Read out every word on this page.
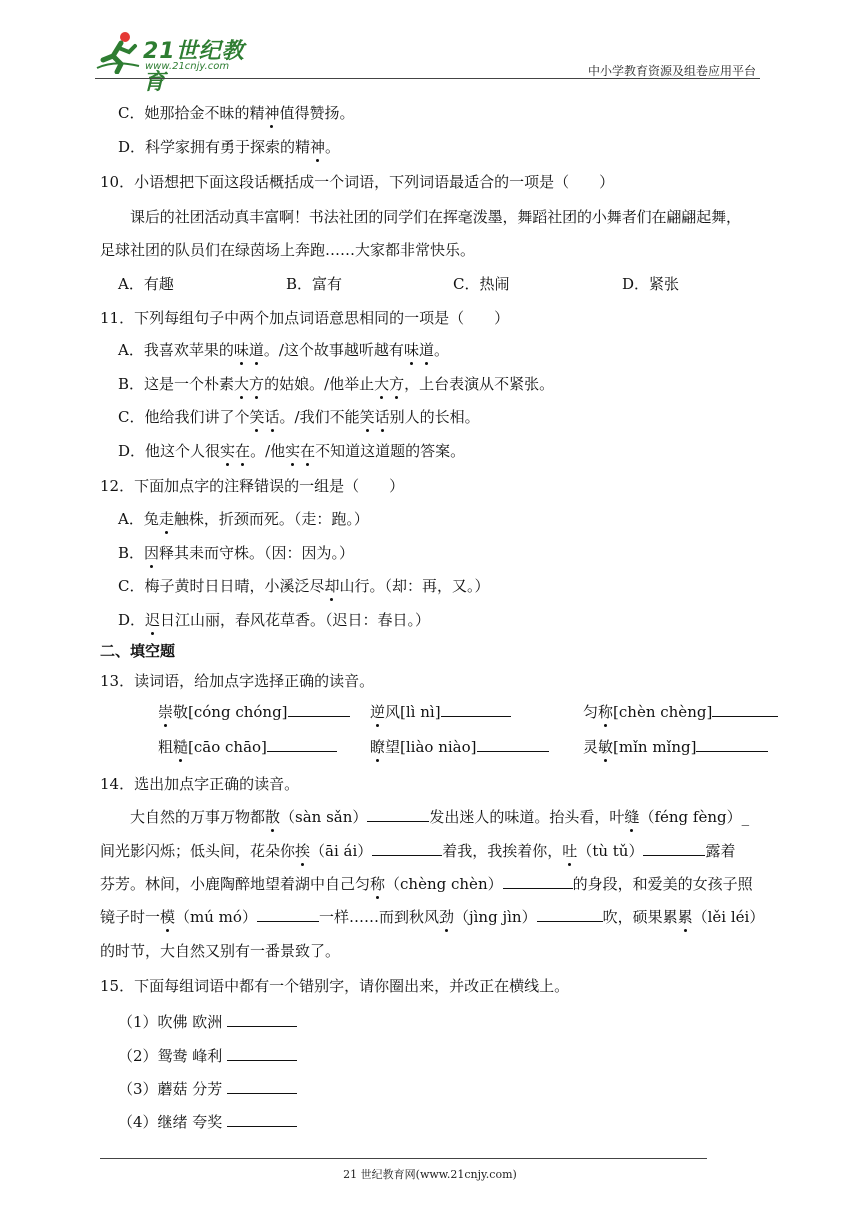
21世纪教育
www.21cnjy.com	中小学教育资源及组卷应用平台
C．她那拾金不昧的精神值得赞扬。
D．科学家拥有勇于探索的精神。
10．小语想把下面这段话概括成一个词语，下列词语最适合的一项是（　　）
课后的社团活动真丰富啊！书法社团的同学们在挥毫泼墨，舞蹈社团的小舞者们在翩翩起舞，
足球社团的队员们在绿茵场上奔跑……大家都非常快乐。
A．有趣	B．富有	C．热闹	D．紧张
11．下列每组句子中两个加点词语意思相同的一项是（　　）
A．我喜欢苹果的味道。/这个故事越听越有味道。
B．这是一个朴素大方的姑娘。/他举止大方，上台表演从不紧张。
C．他给我们讲了个笑话。/我们不能笑话别人的长相。
D．他这个人很实在。/他实在不知道这道题的答案。
12．下面加点字的注释错误的一组是（　　）
A．兔走触株，折颈而死。（走：跑。）
B．因释其耒而守株。（因：因为。）
C．梅子黄时日日晴，小溪泛尽却山行。（却：再，又。）
D．迟日江山丽，春风花草香。（迟日：春日。）
二、填空题
13．读词语，给加点字选择正确的读音。
崇敬[cóng chóng]	逆风[lì nì]	匀称[chèn chèng]
粗糙[cāo chāo]	瞭望[liào niào]	灵敏[mǐn mǐng]
14．选出加点字正确的读音。
大自然的万事万物都散（sàn sǎn）	发出迷人的味道。抬头看，叶缝（féng fèng）_
间光影闪烁；低头间，花朵你挨（āi ái）	着我，我挨着你，吐（tù tǔ）	露着
芬芳。林间，小鹿陶醉地望着湖中自己匀称（chèng chèn）	的身段，和爱美的女孩子照
镜子时一模（mú mó）	一样……而到秋风劲（jìng jìn）	吹，硕果累累（lěi léi）
的时节，大自然又别有一番景致了。
15．下面每组词语中都有一个错别字，请你圈出来，并改正在横线上。
（1）吹佛 欧洲
（2）鸳鸯 峰利
（3）蘑菇 分芳
（4）继绪 夸奖
21 世纪教育网(www.21cnjy.com)
